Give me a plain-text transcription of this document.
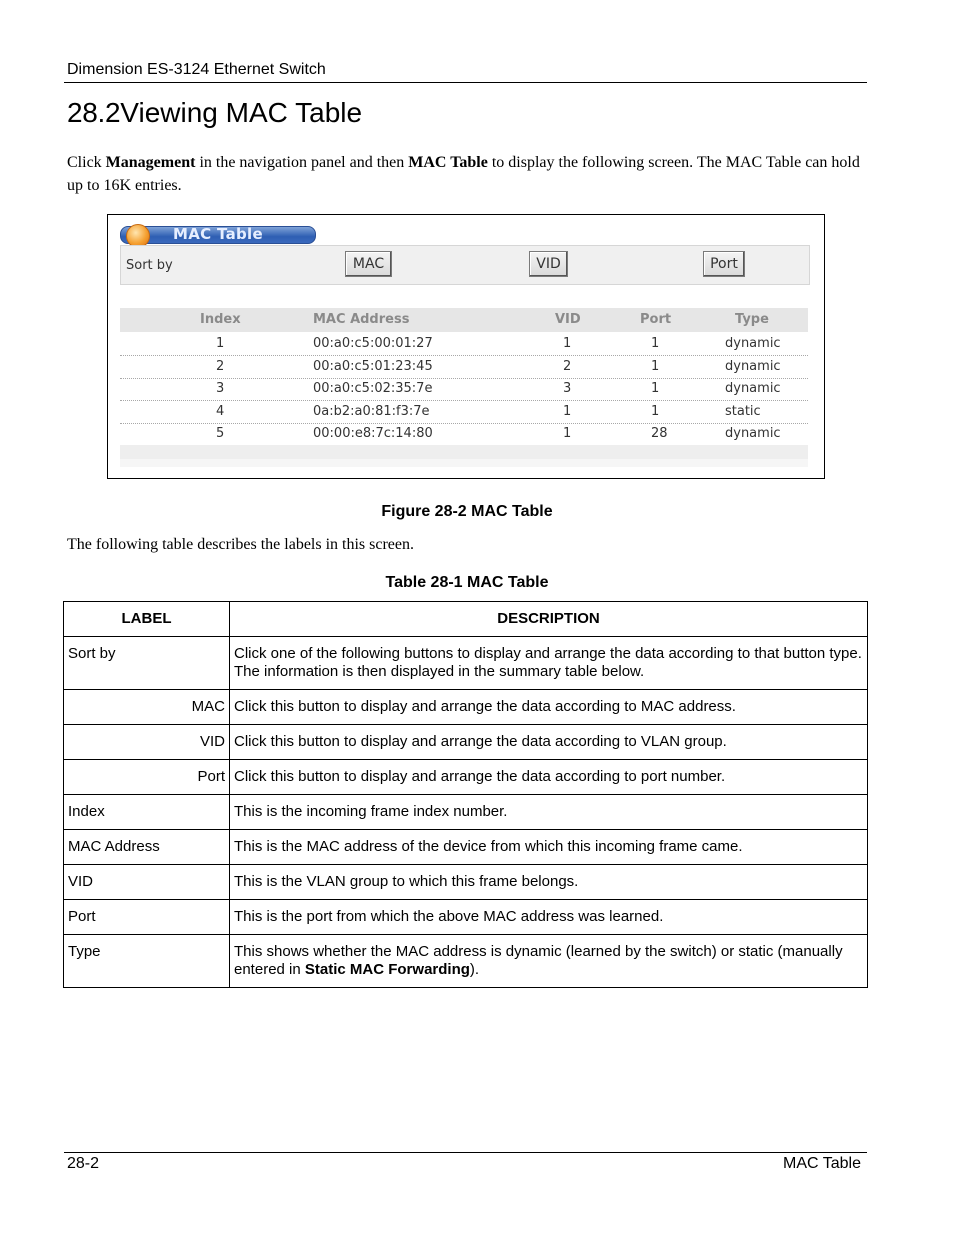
Dimension ES-3124 Ethernet Switch
28.2Viewing MAC Table
Click Management in the navigation panel and then MAC Table to display the following screen. The MAC Table can hold up to 16K entries.
MAC Table
Sort by	MAC	VID	Port
Index	MAC Address	VID	Port	Type
1	00:a0:c5:00:01:27	1	1	dynamic
2	00:a0:c5:01:23:45	2	1	dynamic
3	00:a0:c5:02:35:7e	3	1	dynamic
4	0a:b2:a0:81:f3:7e	1	1	static
5	00:00:e8:7c:14:80	1	28	dynamic
Figure 28-2 MAC Table
The following table describes the labels in this screen.
Table 28-1 MAC Table
LABEL	DESCRIPTION
Sort by	Click one of the following buttons to display and arrange the data according to that button type. The information is then displayed in the summary table below.
MAC	Click this button to display and arrange the data according to MAC address.
VID	Click this button to display and arrange the data according to VLAN group.
Port	Click this button to display and arrange the data according to port number.
Index	This is the incoming frame index number.
MAC Address	This is the MAC address of the device from which this incoming frame came.
VID	This is the VLAN group to which this frame belongs.
Port	This is the port from which the above MAC address was learned.
Type	This shows whether the MAC address is dynamic (learned by the switch) or static (manually entered in Static MAC Forwarding).
28-2	MAC Table
